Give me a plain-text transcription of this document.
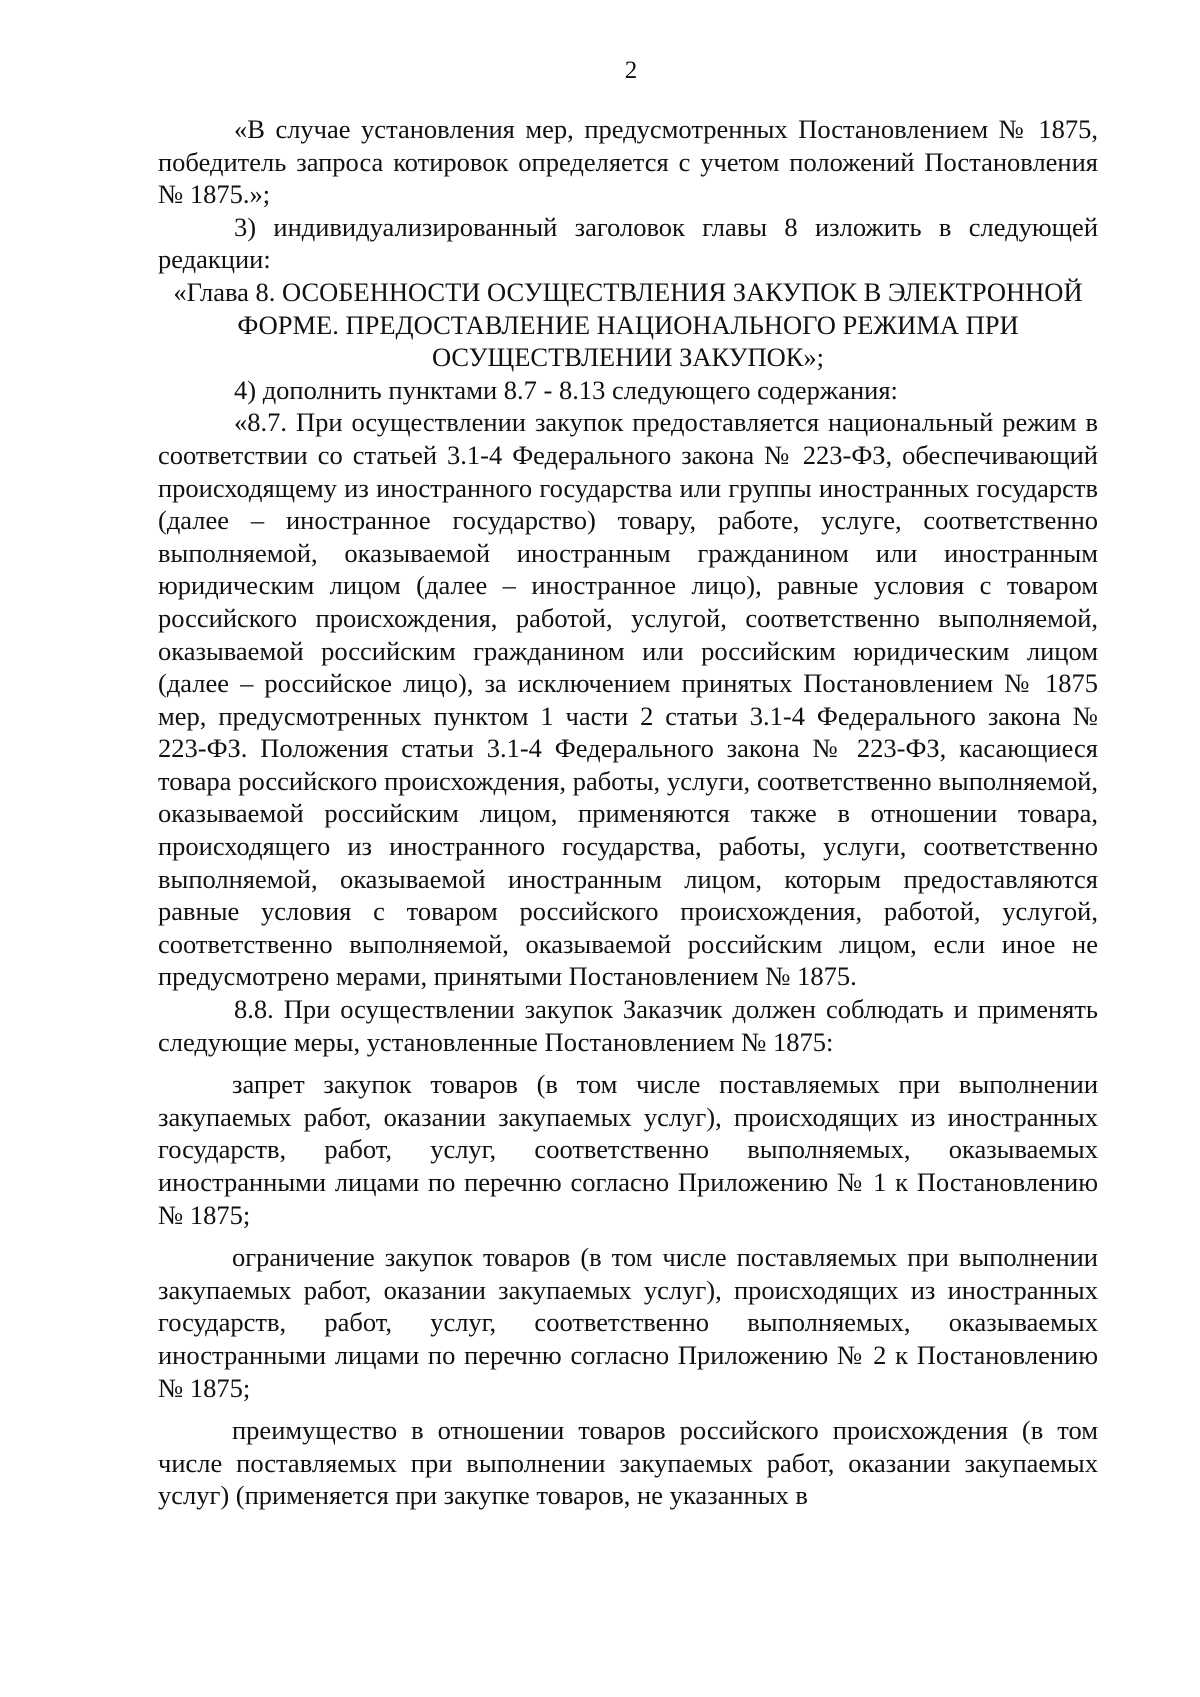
2

«В случае установления мер, предусмотренных Постановлением № 1875, победитель запроса котировок определяется с учетом положений Постановления № 1875.»;

3) индивидуализированный заголовок главы 8 изложить в следующей редакции:

«Глава 8. ОСОБЕННОСТИ ОСУЩЕСТВЛЕНИЯ ЗАКУПОК В ЭЛЕКТРОННОЙ ФОРМЕ. ПРЕДОСТАВЛЕНИЕ НАЦИОНАЛЬНОГО РЕЖИМА ПРИ ОСУЩЕСТВЛЕНИИ ЗАКУПОК»;

4) дополнить пунктами 8.7 - 8.13 следующего содержания:

«8.7. При осуществлении закупок предоставляется национальный режим в соответствии со статьей 3.1-4 Федерального закона № 223-ФЗ, обеспечивающий происходящему из иностранного государства или группы иностранных государств (далее – иностранное государство) товару, работе, услуге, соответственно выполняемой, оказываемой иностранным гражданином или иностранным юридическим лицом (далее – иностранное лицо), равные условия с товаром российского происхождения, работой, услугой, соответственно выполняемой, оказываемой российским гражданином или российским юридическим лицом (далее – российское лицо), за исключением принятых Постановлением № 1875 мер, предусмотренных пунктом 1 части 2 статьи 3.1-4 Федерального закона № 223-ФЗ. Положения статьи 3.1-4 Федерального закона № 223-ФЗ, касающиеся товара российского происхождения, работы, услуги, соответственно выполняемой, оказываемой российским лицом, применяются также в отношении товара, происходящего из иностранного государства, работы, услуги, соответственно выполняемой, оказываемой иностранным лицом, которым предоставляются равные условия с товаром российского происхождения, работой, услугой, соответственно выполняемой, оказываемой российским лицом, если иное не предусмотрено мерами, принятыми Постановлением № 1875.

8.8. При осуществлении закупок Заказчик должен соблюдать и применять следующие меры, установленные Постановлением № 1875:

запрет закупок товаров (в том числе поставляемых при выполнении закупаемых работ, оказании закупаемых услуг), происходящих из иностранных государств, работ, услуг, соответственно выполняемых, оказываемых иностранными лицами по перечню согласно Приложению № 1 к Постановлению № 1875;

ограничение закупок товаров (в том числе поставляемых при выполнении закупаемых работ, оказании закупаемых услуг), происходящих из иностранных государств, работ, услуг, соответственно выполняемых, оказываемых иностранными лицами по перечню согласно Приложению № 2 к Постановлению № 1875;

преимущество в отношении товаров российского происхождения (в том числе поставляемых при выполнении закупаемых работ, оказании закупаемых услуг) (применяется при закупке товаров, не указанных в
